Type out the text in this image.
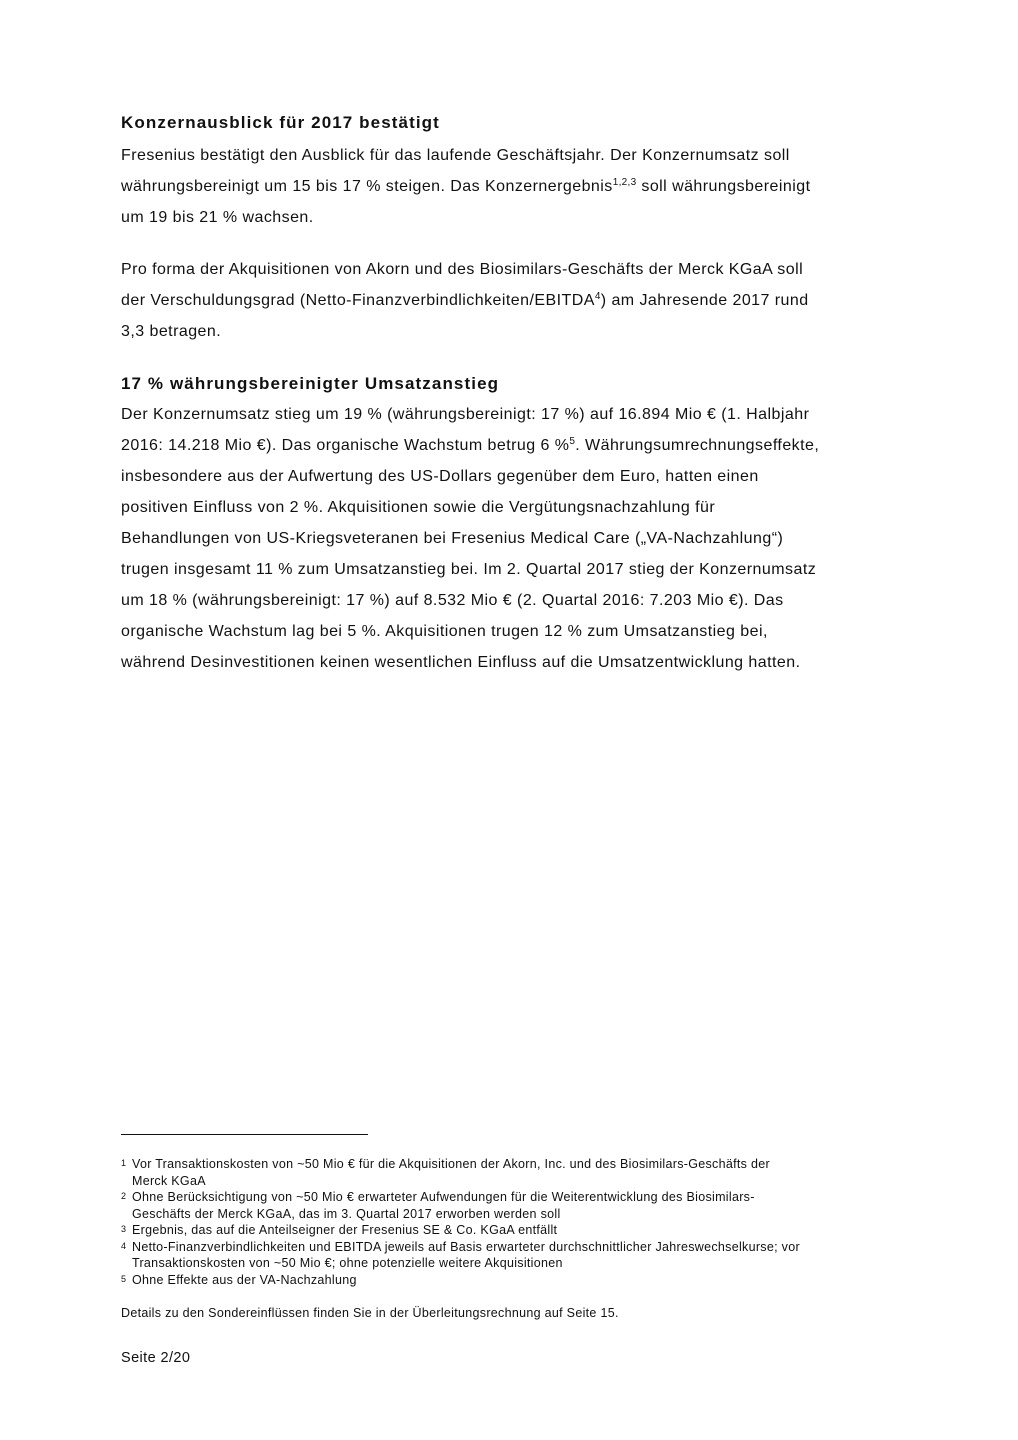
Konzernausblick für 2017 bestätigt

Fresenius bestätigt den Ausblick für das laufende Geschäftsjahr. Der Konzernumsatz soll
währungsbereinigt um 15 bis 17 % steigen. Das Konzernergebnis$^{1,2,3}$ soll währungsbereinigt
um 19 bis 21 % wachsen.

Pro forma der Akquisitionen von Akorn und des Biosimilars-Geschäfts der Merck KGaA soll
der Verschuldungsgrad (Netto-Finanzverbindlichkeiten/EBITDA$^4$) am Jahresende 2017 rund
3,3 betragen.

17 % währungsbereinigter Umsatzanstieg

Der Konzernumsatz stieg um 19 % (währungsbereinigt: 17 %) auf 16.894 Mio € (1. Halbjahr
2016: 14.218 Mio €). Das organische Wachstum betrug 6 %$^5$. Währungsumrechnungseffekte,
insbesondere aus der Aufwertung des US-Dollars gegenüber dem Euro, hatten einen
positiven Einfluss von 2 %. Akquisitionen sowie die Vergütungsnachzahlung für
Behandlungen von US-Kriegsveteranen bei Fresenius Medical Care („VA-Nachzahlung“)
trugen insgesamt 11 % zum Umsatzanstieg bei. Im 2. Quartal 2017 stieg der Konzernumsatz
um 18 % (währungsbereinigt: 17 %) auf 8.532 Mio € (2. Quartal 2016: 7.203 Mio €). Das
organische Wachstum lag bei 5 %. Akquisitionen trugen 12 % zum Umsatzanstieg bei,
während Desinvestitionen keinen wesentlichen Einfluss auf die Umsatzentwicklung hatten.

1 Vor Transaktionskosten von ~50 Mio € für die Akquisitionen der Akorn, Inc. und des Biosimilars-Geschäfts der
Merck KGaA
2 Ohne Berücksichtigung von ~50 Mio € erwarteter Aufwendungen für die Weiterentwicklung des Biosimilars-
Geschäfts der Merck KGaA, das im 3. Quartal 2017 erworben werden soll
3 Ergebnis, das auf die Anteilseigner der Fresenius SE & Co. KGaA entfällt
4 Netto-Finanzverbindlichkeiten und EBITDA jeweils auf Basis erwarteter durchschnittlicher Jahreswechselkurse; vor
Transaktionskosten von ~50 Mio €; ohne potenzielle weitere Akquisitionen
5 Ohne Effekte aus der VA-Nachzahlung
Details zu den Sondereinflüssen finden Sie in der Überleitungsrechnung auf Seite 15.
Seite 2/20
